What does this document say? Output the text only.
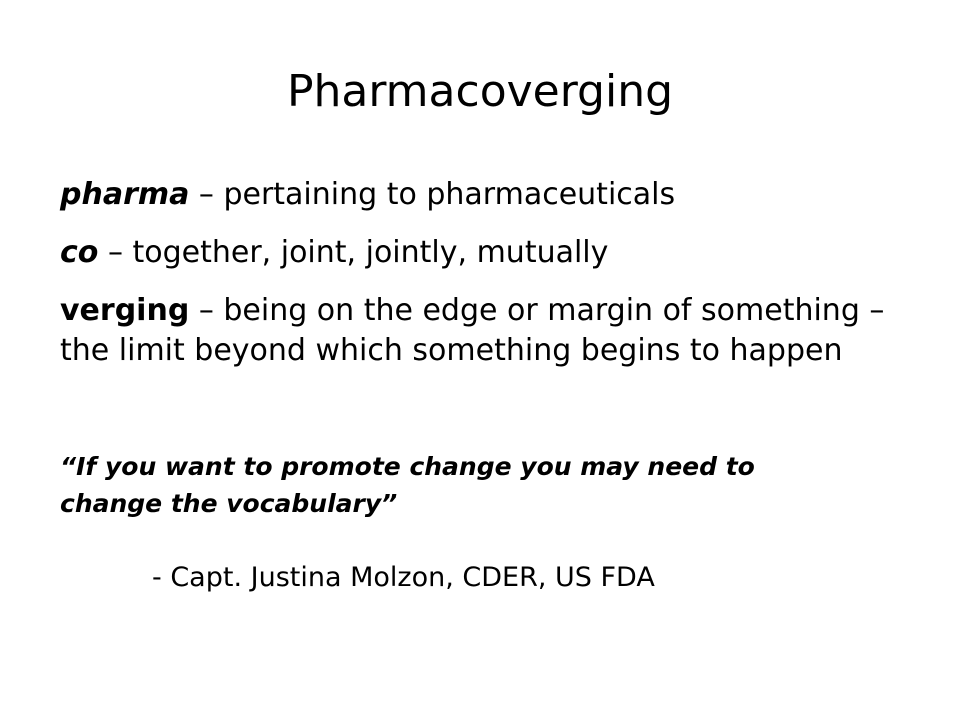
Pharmacoverging
pharma – pertaining to pharmaceuticals
co – together, joint, jointly, mutually
verging – being on the edge or margin of something – the limit beyond which something begins to happen
“If you want to promote change you may need to change the vocabulary”
- Capt. Justina Molzon, CDER, US FDA
